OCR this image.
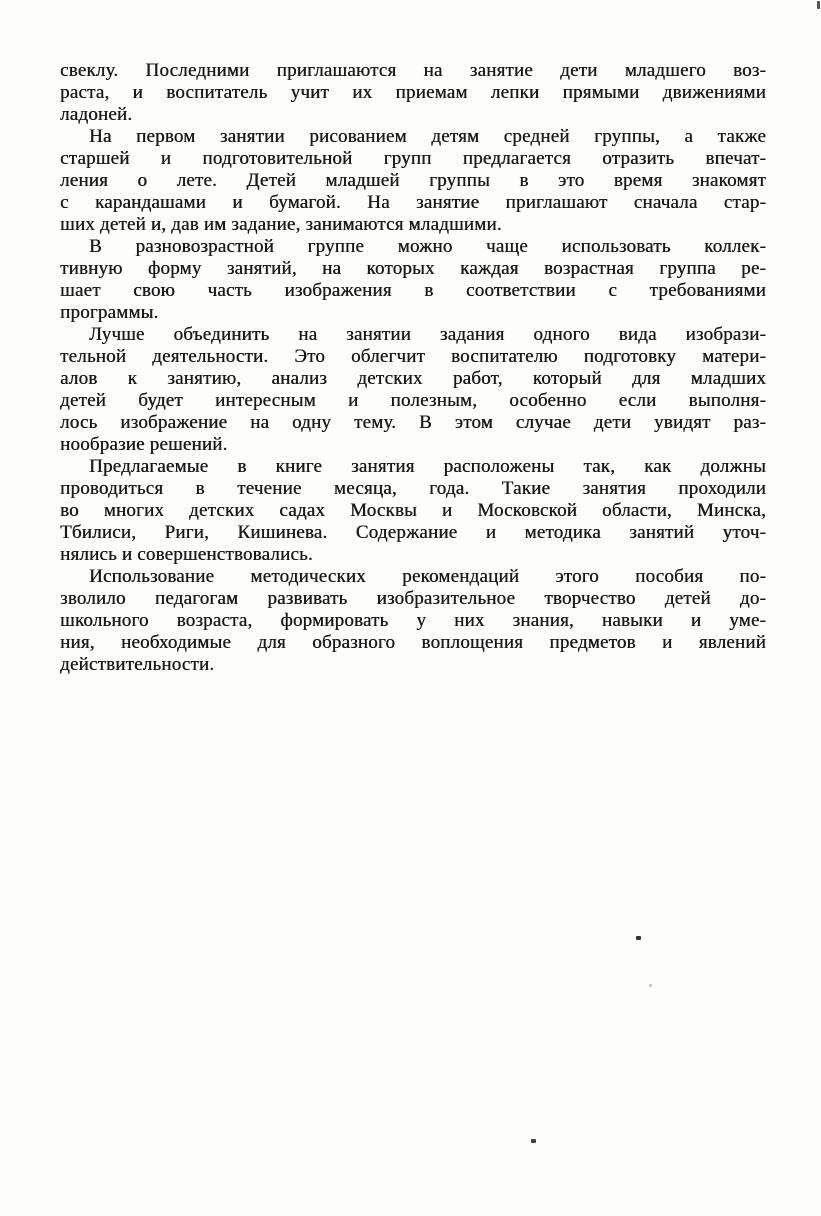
свеклу. Последними приглашаются на занятие дети младшего воз-
раста, и воспитатель учит их приемам лепки прямыми движениями
ладоней.
На первом занятии рисованием детям средней группы, а также
старшей и подготовительной групп предлагается отразить впечат-
ления о лете. Детей младшей группы в это время знакомят
с карандашами и бумагой. На занятие приглашают сначала стар-
ших детей и, дав им задание, занимаются младшими.
В разновозрастной группе можно чаще использовать коллек-
тивную форму занятий, на которых каждая возрастная группа ре-
шает свою часть изображения в соответствии с требованиями
программы.
Лучше объединить на занятии задания одного вида изобрази-
тельной деятельности. Это облегчит воспитателю подготовку матери-
алов к занятию, анализ детских работ, который для младших
детей будет интересным и полезным, особенно если выполня-
лось изображение на одну тему. В этом случае дети увидят раз-
нообразие решений.
Предлагаемые в книге занятия расположены так, как должны
проводиться в течение месяца, года. Такие занятия проходили
во многих детских садах Москвы и Московской области, Минска,
Тбилиси, Риги, Кишинева. Содержание и методика занятий уточ-
нялись и совершенствовались.
Использование методических рекомендаций этого пособия по-
зволило педагогам развивать изобразительное творчество детей до-
школьного возраста, формировать у них знания, навыки и уме-
ния, необходимые для образного воплощения предметов и явлений
действительности.
